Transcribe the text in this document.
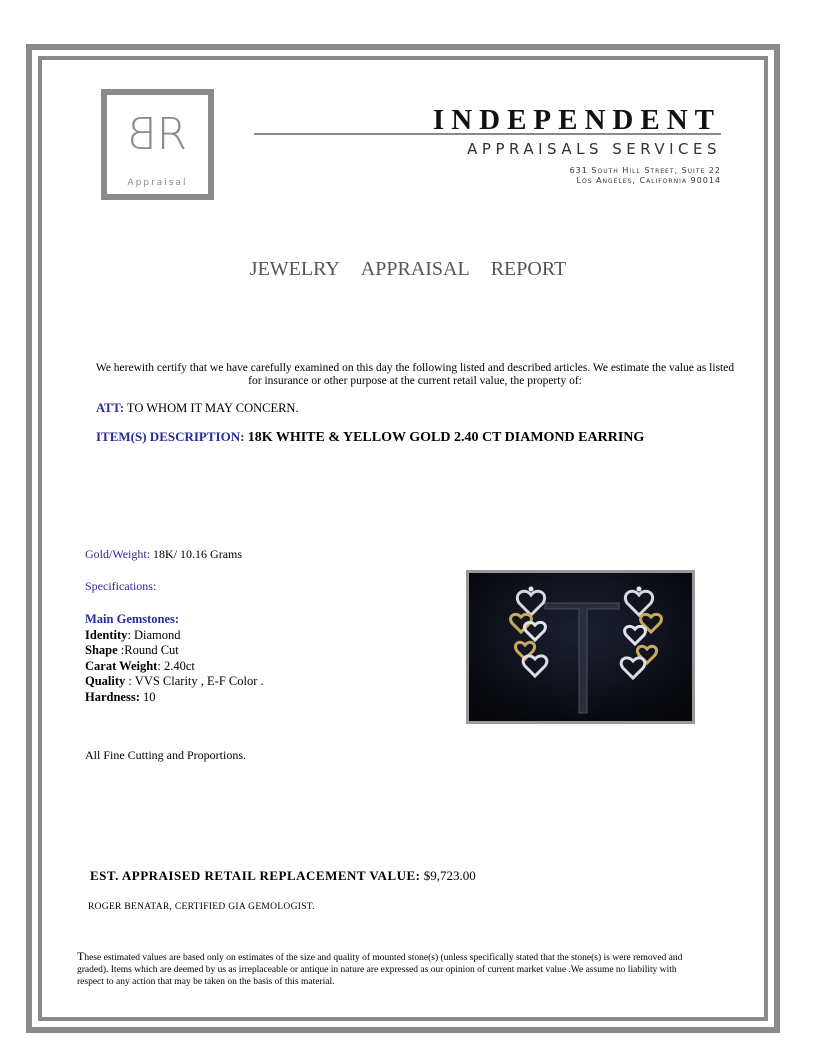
BR
Appraisal
INDEPENDENT
APPRAISALS SERVICES
631 South Hill Street, Suite 22
Los Angeles, California 90014
JEWELRY APPRAISAL REPORT
We herewith certify that we have carefully examined on this day the following listed and described articles. We estimate the value as listed for insurance or other purpose at the current retail value, the property of:
ATT: TO WHOM IT MAY CONCERN.
ITEM(S) DESCRIPTION: 18K WHITE & YELLOW GOLD 2.40 CT DIAMOND EARRING
Gold/Weight: 18K/ 10.16 Grams
Specifications:
Main Gemstones:
Identity: Diamond
Shape :Round Cut
Carat Weight: 2.40ct
Quality : VVS Clarity , E-F Color .
Hardness: 10
All Fine Cutting and Proportions.
EST. APPRAISED RETAIL REPLACEMENT VALUE: $9,723.00
ROGER BENATAR, CERTIFIED GIA GEMOLOGIST.
These estimated values are based only on estimates of the size and quality of mounted stone(s) (unless specifically stated that the stone(s) is were removed and graded). Items which are deemed by us as irreplaceable or antique in nature are expressed as our opinion of current market value .We assume no liability with respect to any action that may be taken on the basis of this material.
